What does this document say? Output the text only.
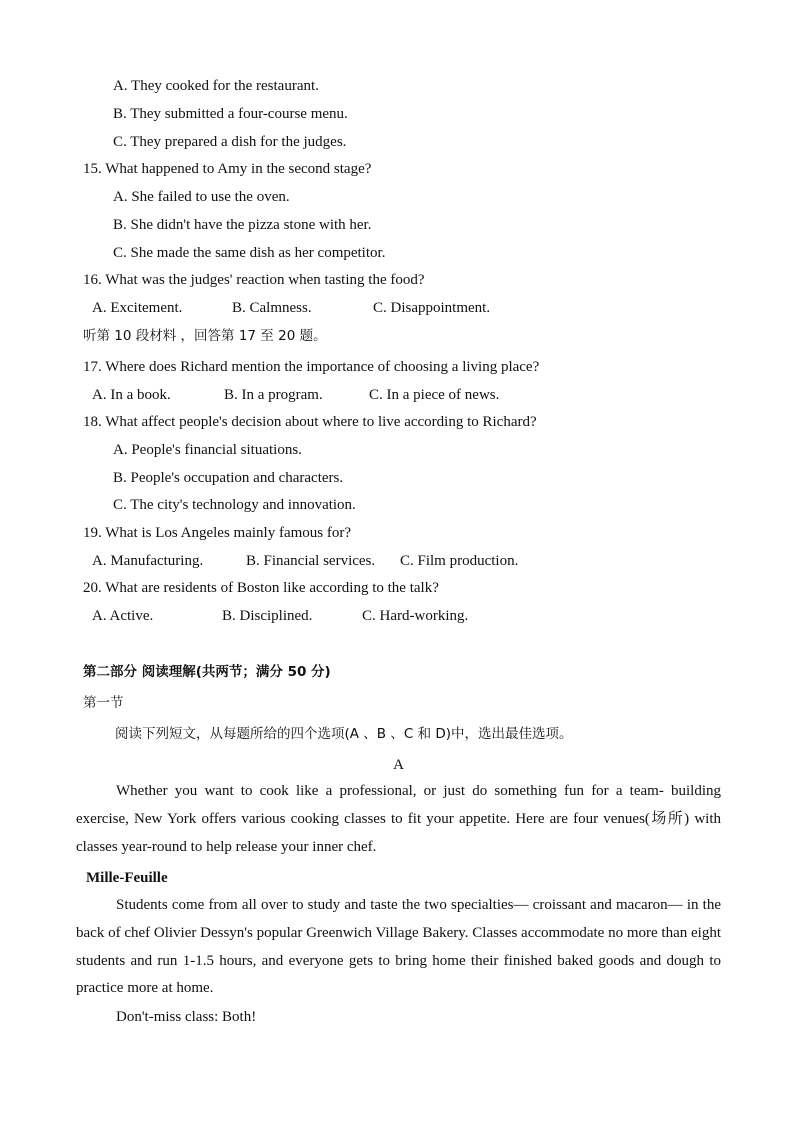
A. They cooked for the restaurant.
B. They submitted a four-course menu.
C. They prepared a dish for the judges.
15. What happened to Amy in the second stage?
A. She failed to use the oven.
B. She didn't have the pizza stone with her.
C. She made the same dish as her competitor.
16. What was the judges' reaction when tasting the food?
A. Excitement.	B. Calmness.	C. Disappointment.
听第 10 段材料 ，回答第 17 至 20 题。
17. Where does Richard mention the importance of choosing a living place?
A. In a book.	B. In a program.	C. In a piece of news.
18. What affect people's decision about where to live according to Richard?
A. People's financial situations.
B. People's occupation and characters.
C. The city's technology and innovation.
19. What is Los Angeles mainly famous for?
A. Manufacturing.	B. Financial services. C. Film production.
20. What are residents of Boston like according to the talk?
A. Active.	B. Disciplined.	C. Hard-working.
第二部分 阅读理解(共两节；满分 50 分)
第一节
阅读下列短文，从每题所给的四个选项(A 、B 、C 和 D)中，选出最佳选项。
A

Whether you want to cook like a professional, or just do something fun for a team- building exercise, New York offers various cooking classes to fit your appetite. Here are four venues(场所) with classes year-round to help release your inner chef.

Mille-Feuille

Students come from all over to study and taste the two specialties— croissant and macaron— in the back of chef Olivier Dessyn's popular Greenwich Village Bakery. Classes accommodate no more than eight students and run 1-1.5 hours, and everyone gets to bring home their finished baked goods and dough to practice more at home.

Don't-miss class: Both!
